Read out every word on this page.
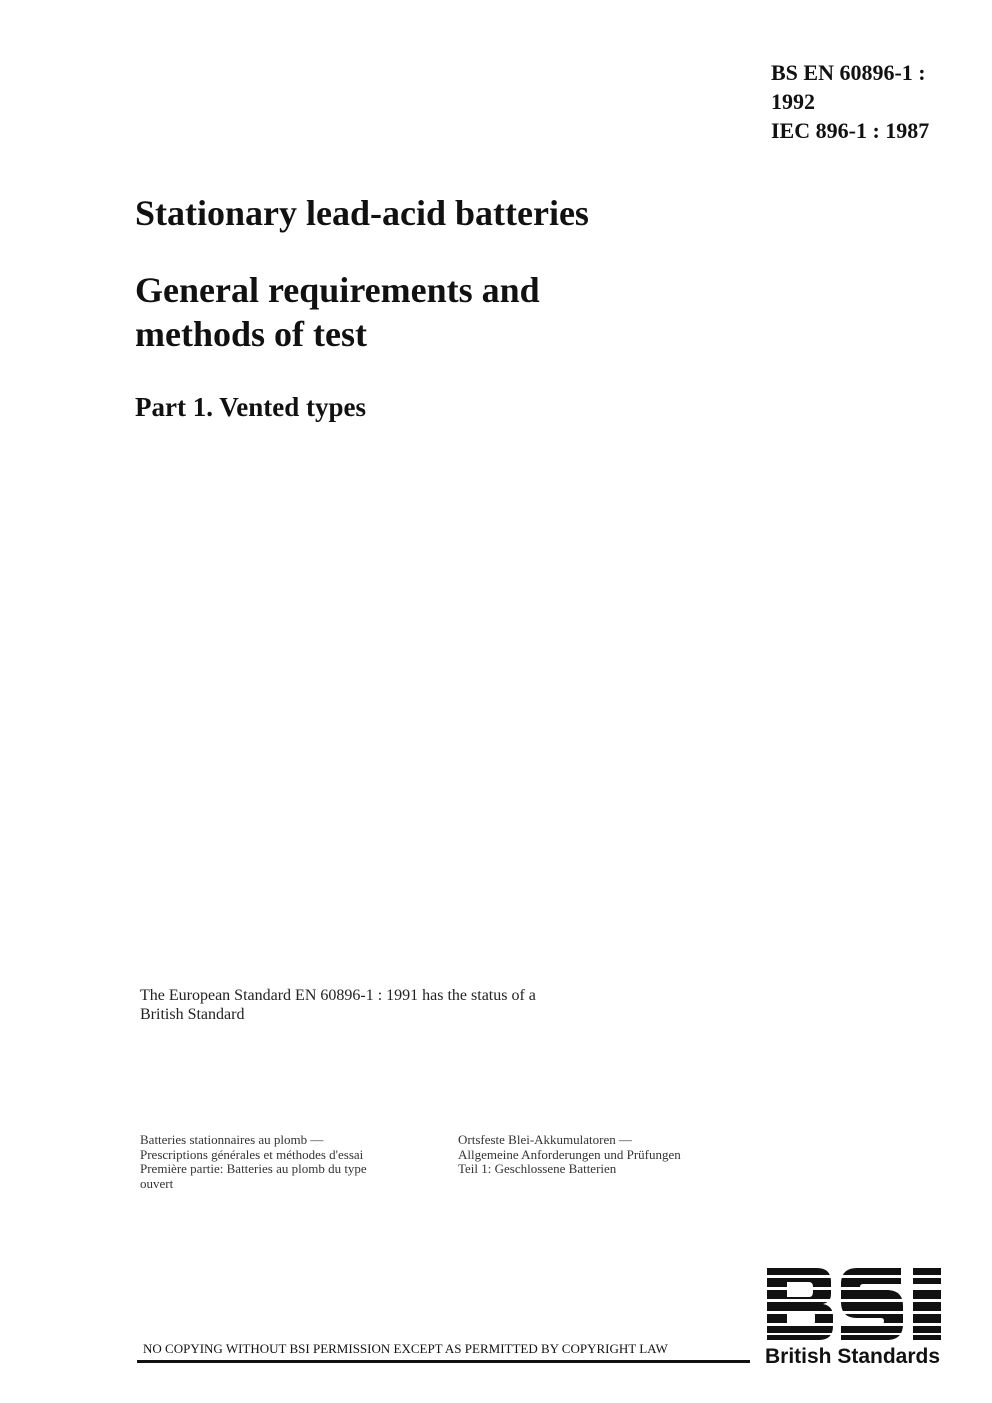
BS EN 60896-1 :
1992
IEC 896-1 : 1987
Stationary lead-acid batteries
General requirements and
methods of test
Part 1. Vented types
The European Standard EN 60896-1 : 1991 has the status of a
British Standard
Batteries stationnaires au plomb —
Prescriptions générales et méthodes d'essai
Première partie: Batteries au plomb du type
ouvert
Ortsfeste Blei-Akkumulatoren —
Allgemeine Anforderungen und Prüfungen
Teil 1: Geschlossene Batterien
NO COPYING WITHOUT BSI PERMISSION EXCEPT AS PERMITTED BY COPYRIGHT LAW	British Standards
